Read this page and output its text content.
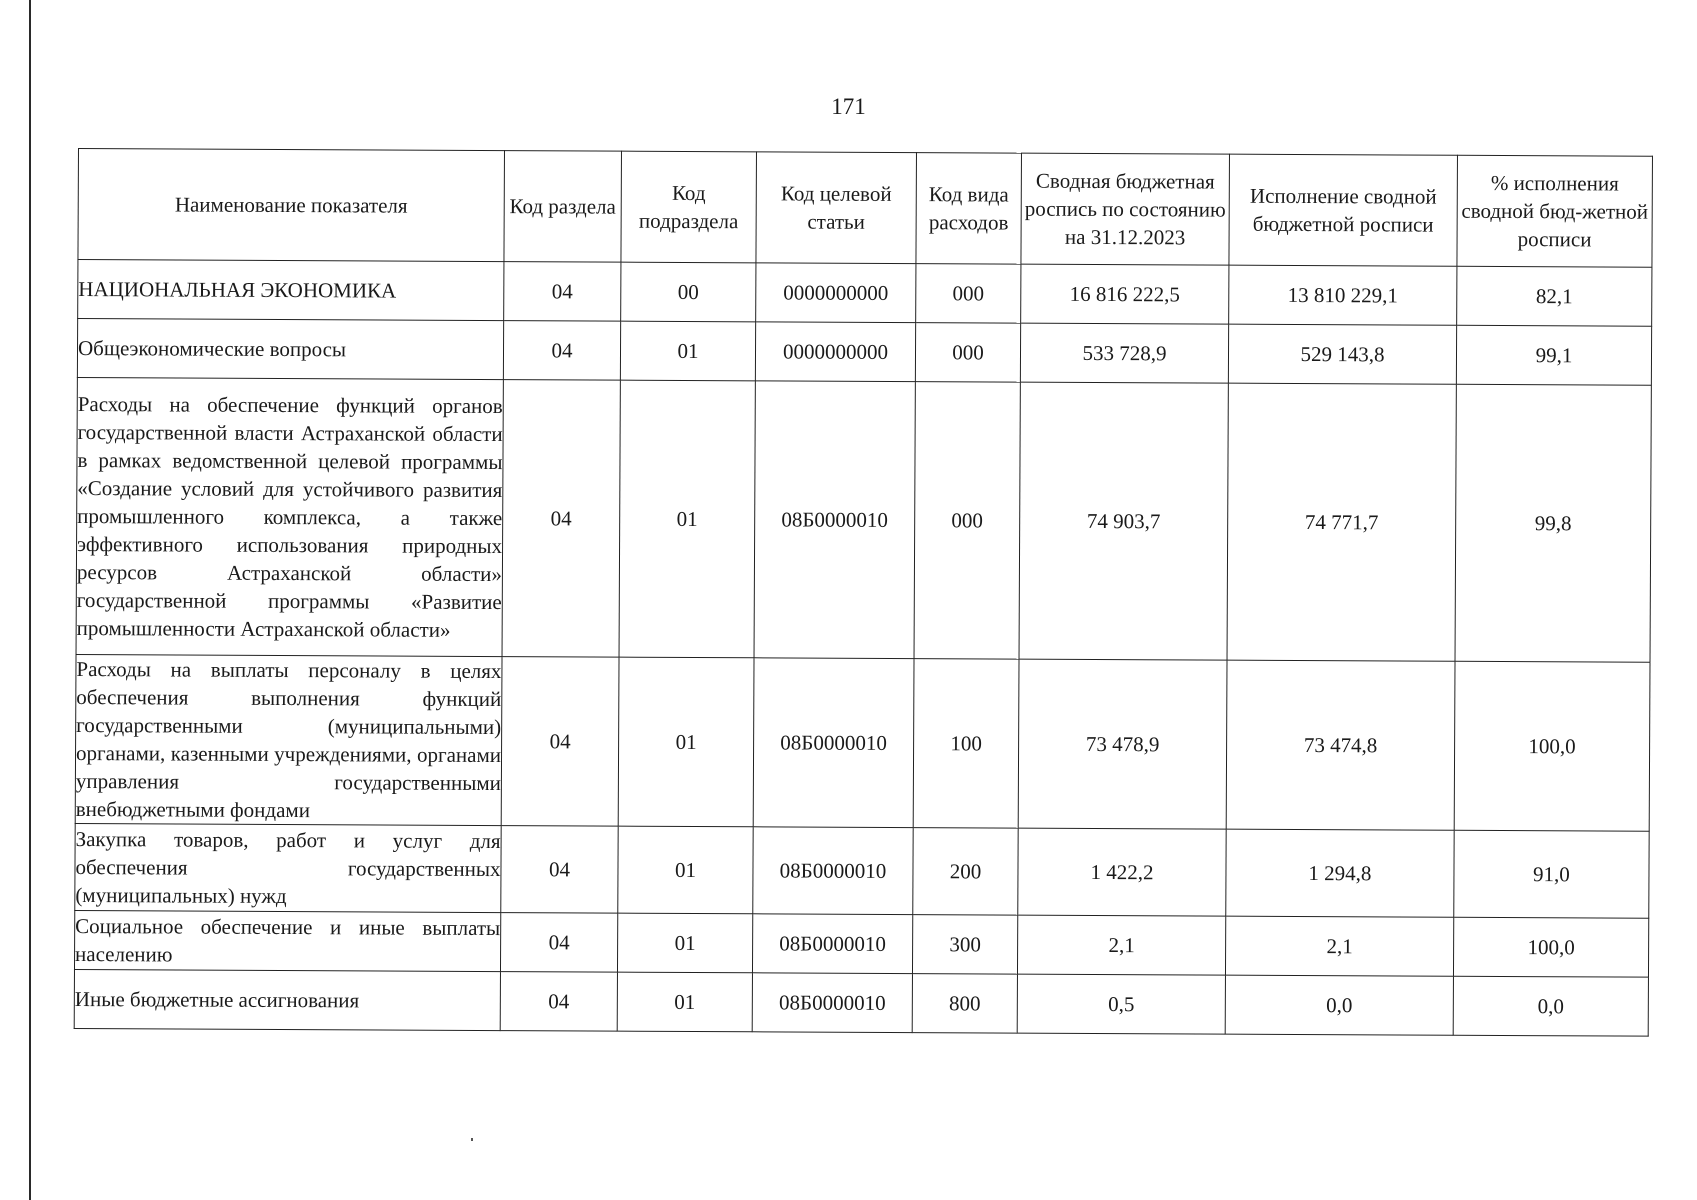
171
Наименование показателя	Код раздела	Код подраздела	Код целевой статьи	Код вида расходов	Сводная бюджетная роспись по состоянию на 31.12.2023	Исполнение сводной бюджетной росписи	% исполнения сводной бюд-жетной росписи
НАЦИОНАЛЬНАЯ ЭКОНОМИКА	04	00	0000000000	000	16 816 222,5	13 810 229,1	82,1
Общеэкономические вопросы	04	01	0000000000	000	533 728,9	529 143,8	99,1
Расходы на обеспечение функций органов государственной власти Астраханской области в рамках ведомственной целевой программы «Создание условий для устойчивого развития промышленного комплекса, а также эффективного использования природных ресурсов Астраханской области» государственной программы «Развитие промышленности Астраханской области»	04	01	08Б0000010	000	74 903,7	74 771,7	99,8
Расходы на выплаты персоналу в целях обеспечения выполнения функций государственными (муниципальными) органами, казенными учреждениями, органами управления государственными внебюджетными фондами	04	01	08Б0000010	100	73 478,9	73 474,8	100,0
Закупка товаров, работ и услуг для обеспечения государственных (муниципальных) нужд	04	01	08Б0000010	200	1 422,2	1 294,8	91,0
Социальное обеспечение и иные выплаты населению	04	01	08Б0000010	300	2,1	2,1	100,0
Иные бюджетные ассигнования	04	01	08Б0000010	800	0,5	0,0	0,0
